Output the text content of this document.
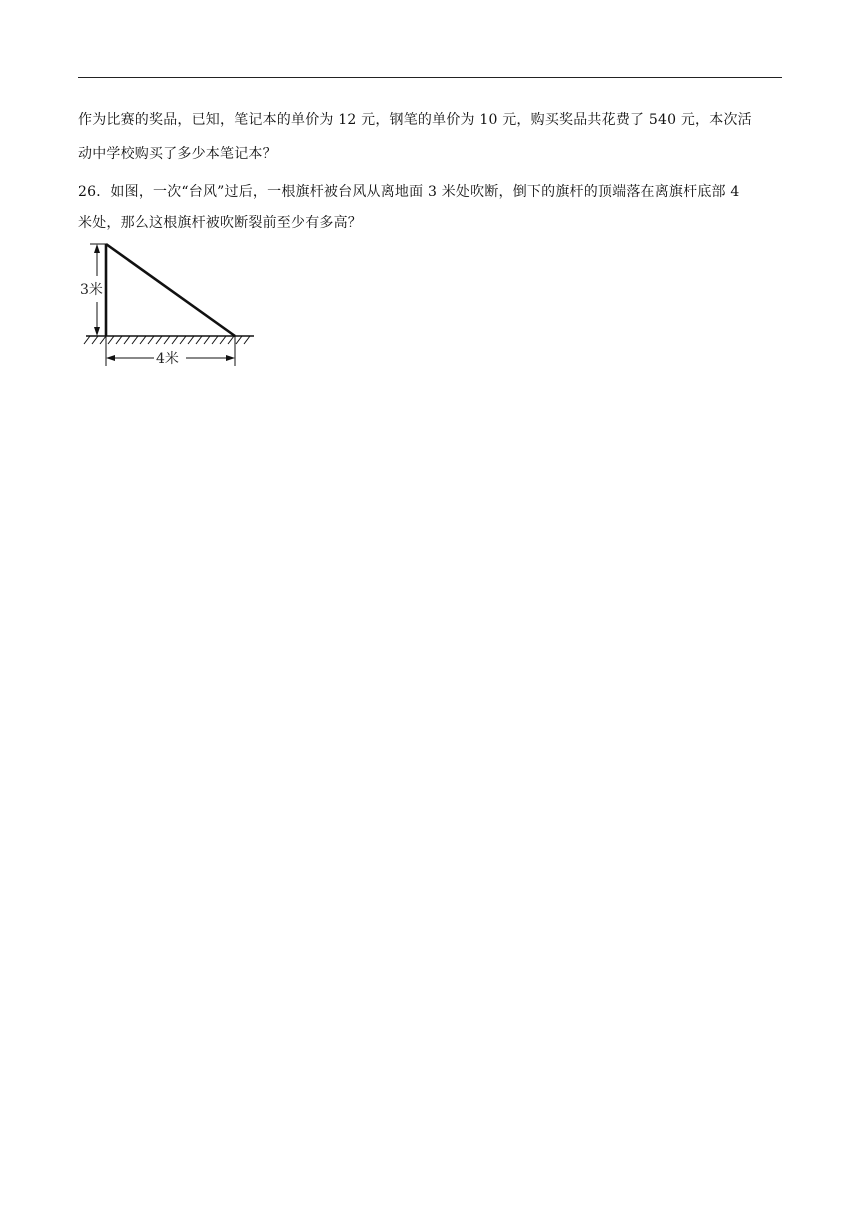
作为比赛的奖品，已知，笔记本的单价为 12 元，钢笔的单价为 10 元，购买奖品共花费了 540 元，本次活
动中学校购买了多少本笔记本？
26．如图，一次“台风”过后，一根旗杆被台风从离地面 3 米处吹断，倒下的旗杆的顶端落在离旗杆底部 4
米处，那么这根旗杆被吹断裂前至少有多高？
3米
4米
